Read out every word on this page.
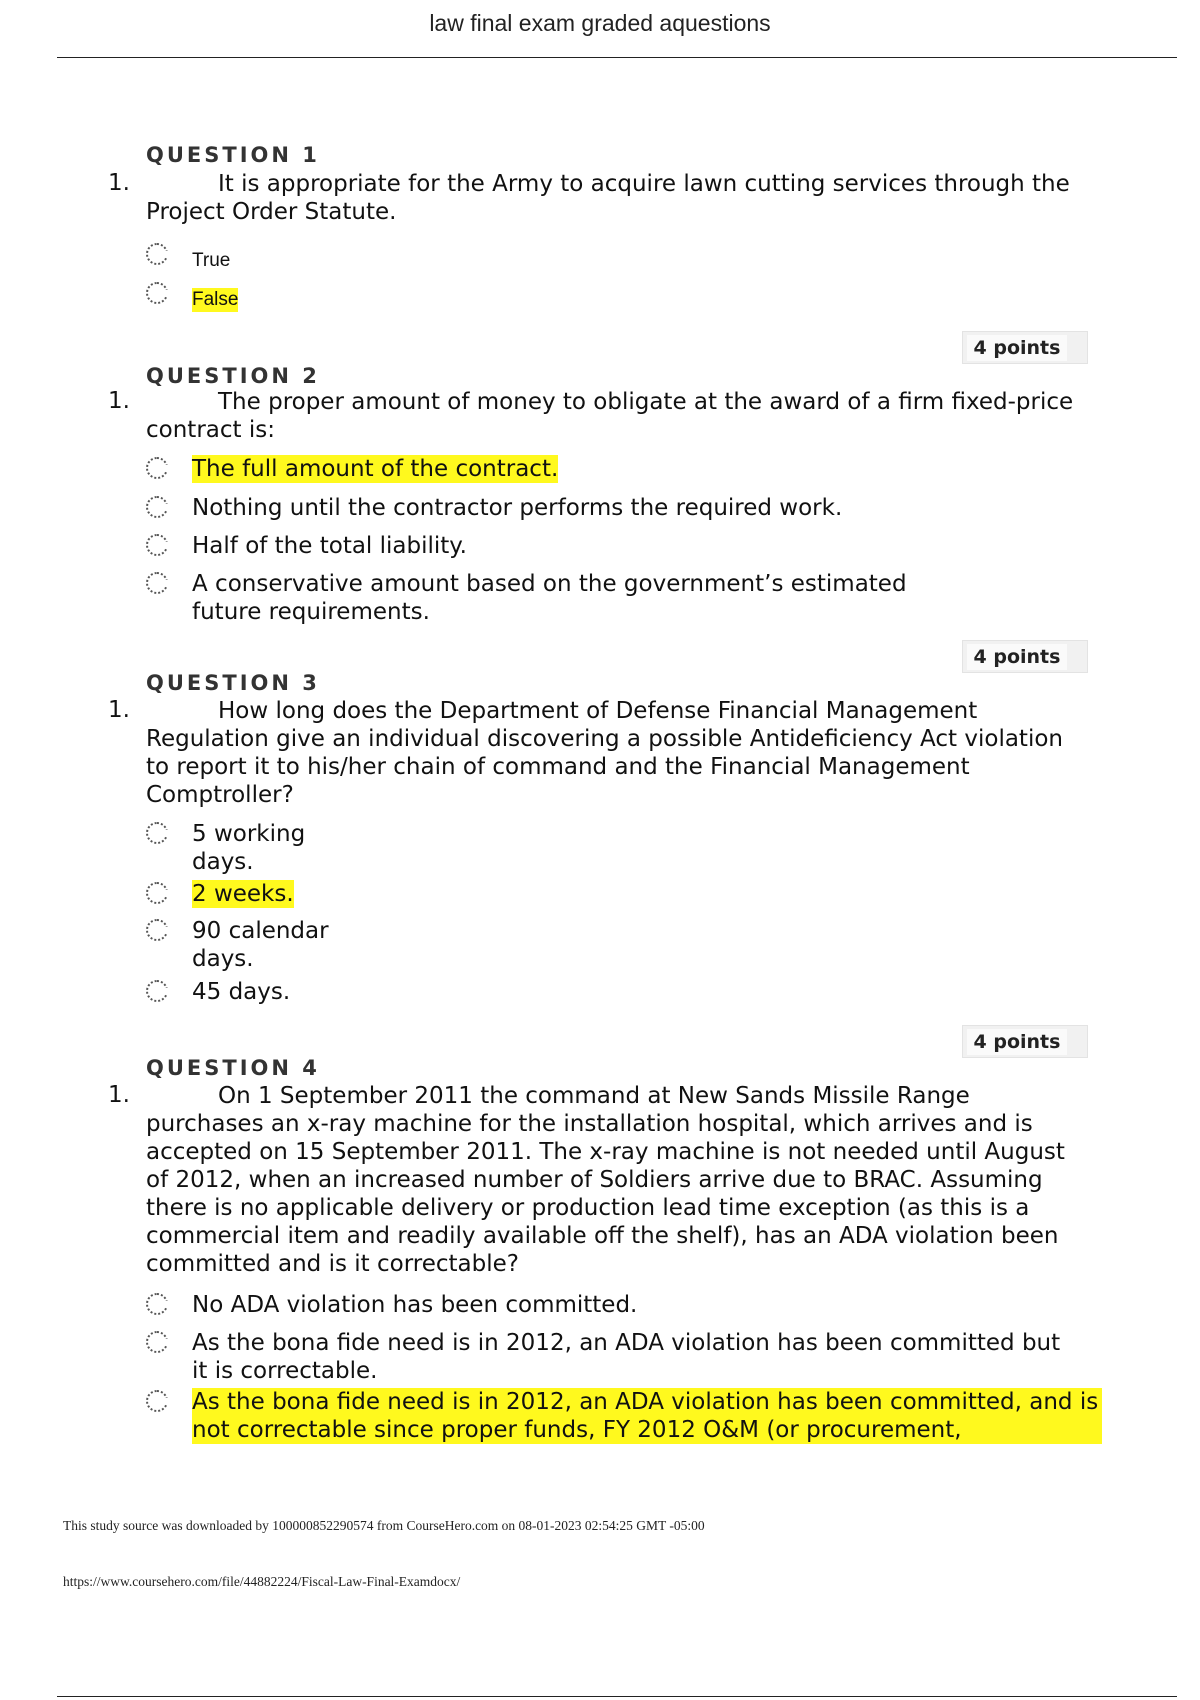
law final exam graded aquestions
QUESTION 1
1.	It is appropriate for the Army to acquire lawn cutting services through the Project Order Statute.
True
False
4 points
QUESTION 2
1.	The proper amount of money to obligate at the award of a firm fixed-price contract is:
The full amount of the contract.
Nothing until the contractor performs the required work.
Half of the total liability.
A conservative amount based on the government’s estimated future requirements.
4 points
QUESTION 3
1.	How long does the Department of Defense Financial Management Regulation give an individual discovering a possible Antideficiency Act violation to report it to his/her chain of command and the Financial Management Comptroller?
5 working days.
2 weeks.
90 calendar days.
45 days.
4 points
QUESTION 4
1.	On 1 September 2011 the command at New Sands Missile Range purchases an x-ray machine for the installation hospital, which arrives and is accepted on 15 September 2011. The x-ray machine is not needed until August of 2012, when an increased number of Soldiers arrive due to BRAC. Assuming there is no applicable delivery or production lead time exception (as this is a commercial item and readily available off the shelf), has an ADA violation been committed and is it correctable?
No ADA violation has been committed.
As the bona fide need is in 2012, an ADA violation has been committed but it is correctable.
As the bona fide need is in 2012, an ADA violation has been committed, and is not correctable since proper funds, FY 2012 O&M (or procurement,
This study source was downloaded by 100000852290574 from CourseHero.com on 08-01-2023 02:54:25 GMT -05:00
https://www.coursehero.com/file/44882224/Fiscal-Law-Final-Examdocx/
